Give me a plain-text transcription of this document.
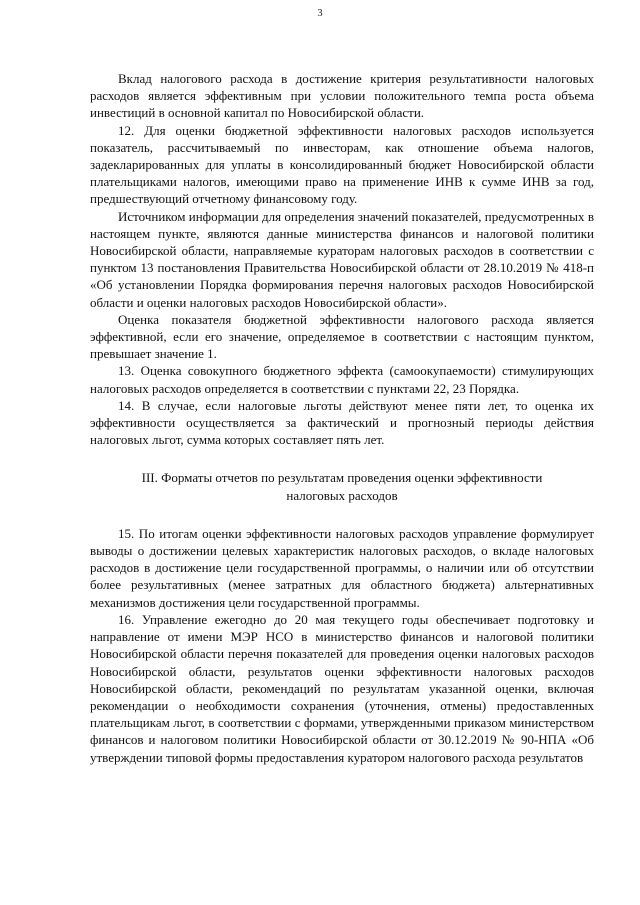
3

Вклад налогового расхода в достижение критерия результативности налоговых расходов является эффективным при условии положительного темпа роста объема инвестиций в основной капитал по Новосибирской области.

12. Для оценки бюджетной эффективности налоговых расходов используется показатель, рассчитываемый по инвесторам, как отношение объема налогов, задекларированных для уплаты в консолидированный бюджет Новосибирской области плательщиками налогов, имеющими право на применение ИНВ к сумме ИНВ за год, предшествующий отчетному финансовому году.

Источником информации для определения значений показателей, предусмотренных в настоящем пункте, являются данные министерства финансов и налоговой политики Новосибирской области, направляемые кураторам налоговых расходов в соответствии с пунктом 13 постановления Правительства Новосибирской области от 28.10.2019 № 418-п «Об установлении Порядка формирования перечня налоговых расходов Новосибирской области и оценки налоговых расходов Новосибирской области».

Оценка показателя бюджетной эффективности налогового расхода является эффективной, если его значение, определяемое в соответствии с настоящим пунктом, превышает значение 1.

13. Оценка совокупного бюджетного эффекта (самоокупаемости) стимулирующих налоговых расходов определяется в соответствии с пунктами 22, 23 Порядка.

14. В случае, если налоговые льготы действуют менее пяти лет, то оценка их эффективности осуществляется за фактический и прогнозный периоды действия налоговых льгот, сумма которых составляет пять лет.

III. Форматы отчетов по результатам проведения оценки эффективности налоговых расходов

15. По итогам оценки эффективности налоговых расходов управление формулирует выводы о достижении целевых характеристик налоговых расходов, о вкладе налоговых расходов в достижение цели государственной программы, о наличии или об отсутствии более результативных (менее затратных для областного бюджета) альтернативных механизмов достижения цели государственной программы.

16. Управление ежегодно до 20 мая текущего годы обеспечивает подготовку и направление от имени МЭР НСО в министерство финансов и налоговой политики Новосибирской области перечня показателей для проведения оценки налоговых расходов Новосибирской области, результатов оценки эффективности налоговых расходов Новосибирской области, рекомендаций по результатам указанной оценки, включая рекомендации о необходимости сохранения (уточнения, отмены) предоставленных плательщикам льгот, в соответствии с формами, утвержденными приказом министерством финансов и налоговом политики Новосибирской области от 30.12.2019 № 90-НПА «Об утверждении типовой формы предоставления куратором налогового расхода результатов
